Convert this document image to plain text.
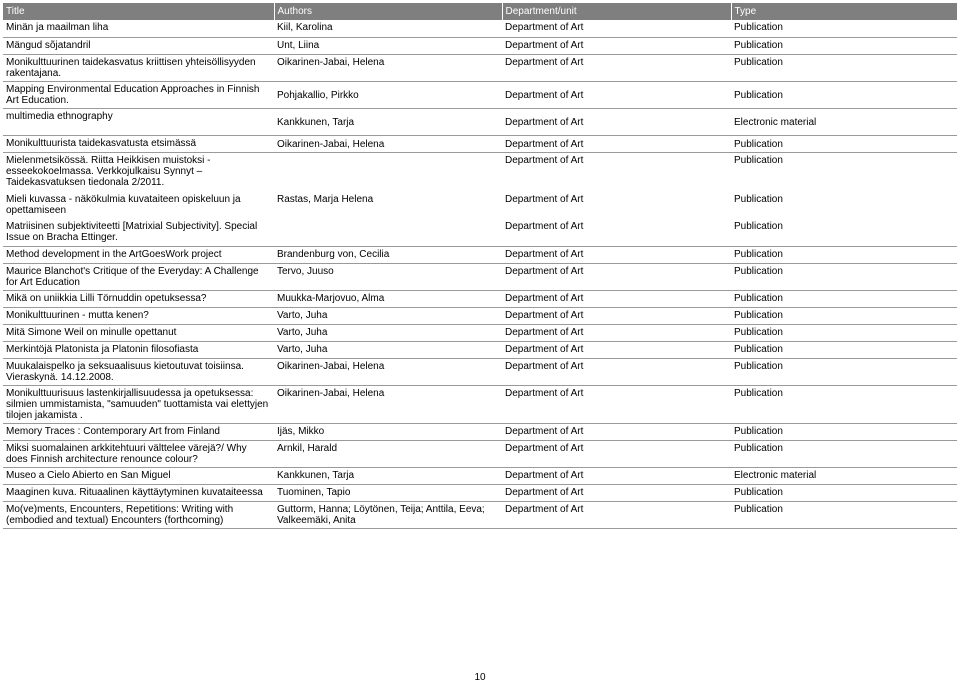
Title	Authors	Department/unit	Type
Minän ja maailman liha	Kiil, Karolina	Department of Art	Publication
Mängud sõjatandril	Unt, Liina	Department of Art	Publication
Monikulttuurinen taidekasvatus kriittisen yhteisöllisyyden rakentajana.	Oikarinen-Jabai, Helena	Department of Art	Publication
Mapping Environmental Education Approaches in Finnish Art Education.	Pohjakallio, Pirkko	Department of Art	Publication
multimedia ethnography	Kankkunen, Tarja	Department of Art	Electronic material
Monikulttuurista taidekasvatusta etsimässä	Oikarinen-Jabai, Helena	Department of Art	Publication
Mielenmetsikössä. Riitta Heikkisen muistoksi - esseekokoelmassa. Verkkojulkaisu Synnyt –Taidekasvatuksen tiedonala 2/2011.		Department of Art	Publication
Mieli kuvassa - näkökulmia kuvataiteen opiskeluun ja opettamiseen	Rastas, Marja Helena	Department of Art	Publication
Matriisinen subjektiviteetti [Matrixial Subjectivity]. Special Issue on Bracha Ettinger.		Department of Art	Publication
Method development in the ArtGoesWork project	Brandenburg von, Cecilia	Department of Art	Publication
Maurice Blanchot's Critique of the Everyday: A Challenge for Art Education	Tervo, Juuso	Department of Art	Publication
Mikä on uniikkia Lilli Törnuddin opetuksessa?	Muukka-Marjovuo, Alma	Department of Art	Publication
Monikulttuurinen - mutta kenen?	Varto, Juha	Department of Art	Publication
Mitä Simone Weil on minulle opettanut	Varto, Juha	Department of Art	Publication
Merkintöjä Platonista ja Platonin filosofiasta	Varto, Juha	Department of Art	Publication
Muukalaispelko ja seksuaalisuus kietoutuvat toisiinsa. Vieraskynä. 14.12.2008.	Oikarinen-Jabai, Helena	Department of Art	Publication
Monikulttuurisuus lastenkirjallisuudessa ja opetuksessa: silmien ummistamista, "samuuden" tuottamista vai elettyjen tilojen jakamista .	Oikarinen-Jabai, Helena	Department of Art	Publication
Memory Traces : Contemporary Art from Finland	Ijäs, Mikko	Department of Art	Publication
Miksi suomalainen arkkitehtuuri välttelee värejä?/ Why does Finnish architecture renounce colour?	Arnkil, Harald	Department of Art	Publication
Museo a Cielo Abierto en San Miguel	Kankkunen, Tarja	Department of Art	Electronic material
Maaginen kuva. Rituaalinen käyttäytyminen kuvataiteessa	Tuominen, Tapio	Department of Art	Publication
Mo(ve)ments, Encounters, Repetitions: Writing with (embodied and textual) Encounters (forthcoming)	Guttorm, Hanna; Löytönen, Teija; Anttila, Eeva; Valkeemäki, Anita	Department of Art	Publication
10
